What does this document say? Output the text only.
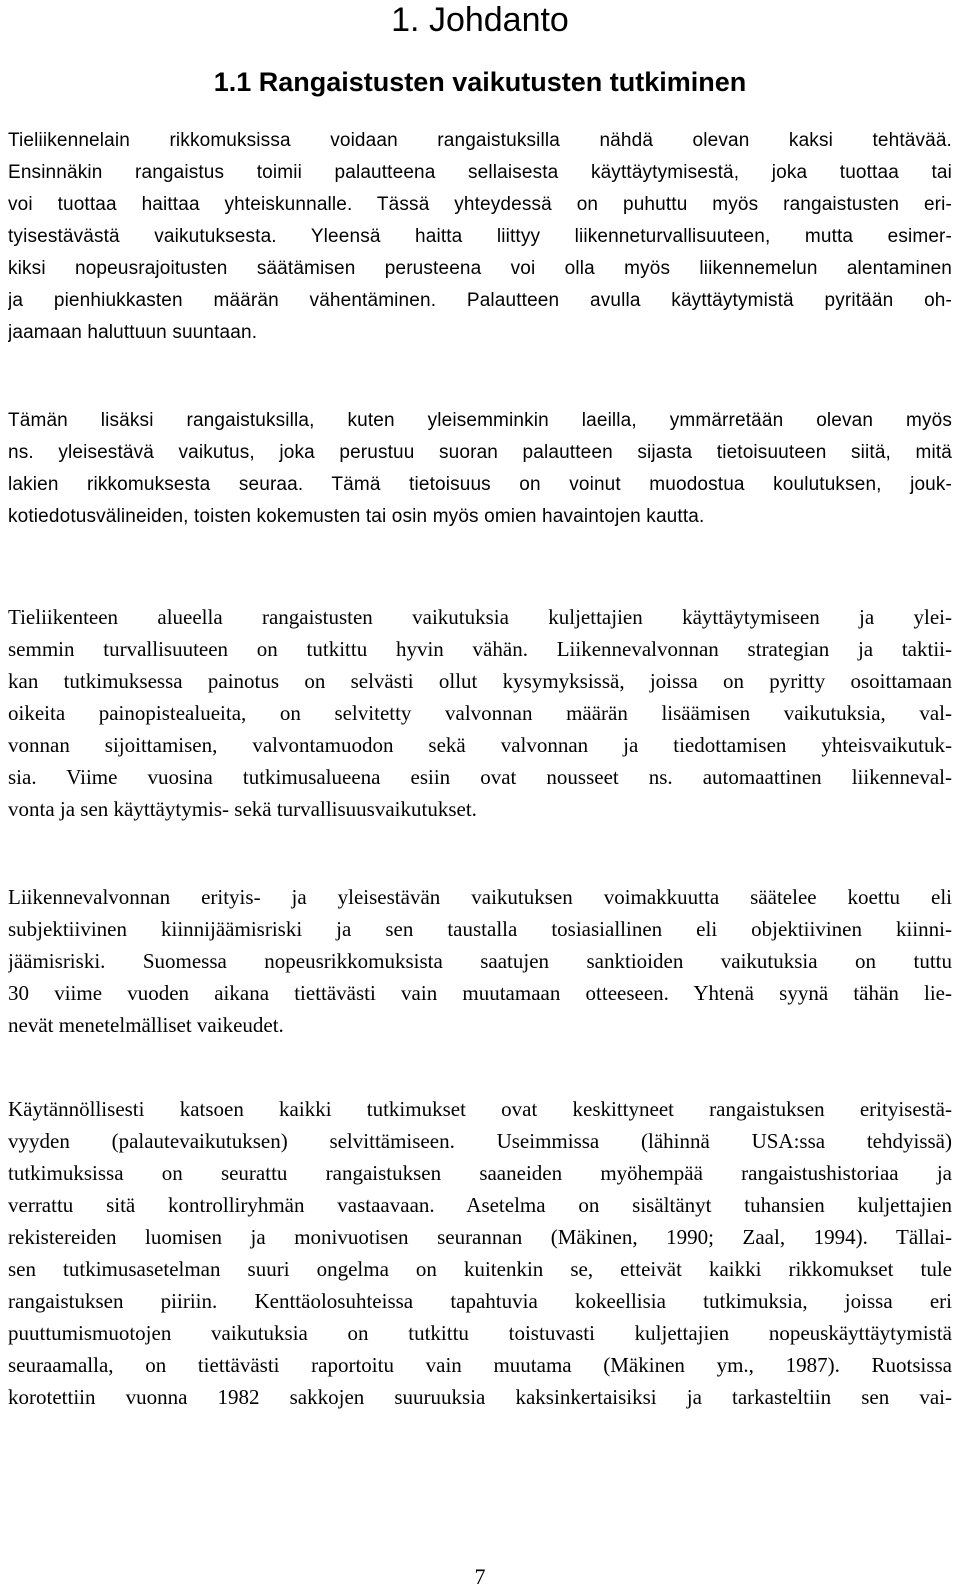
1. Johdanto
1.1 Rangaistusten vaikutusten tutkiminen
Tieliikennelain rikkomuksissa voidaan rangaistuksilla nähdä olevan kaksi tehtävää.
Ensinnäkin rangaistus toimii palautteena sellaisesta käyttäytymisestä, joka tuottaa tai
voi tuottaa haittaa yhteiskunnalle. Tässä yhteydessä on puhuttu myös rangaistusten eri-
tyisestävästä vaikutuksesta. Yleensä haitta liittyy liikenneturvallisuuteen, mutta esimer-
kiksi nopeusrajoitusten säätämisen perusteena voi olla myös liikennemelun alentaminen
ja pienhiukkasten määrän vähentäminen. Palautteen avulla käyttäytymistä pyritään oh-
jaamaan haluttuun suuntaan.
Tämän lisäksi rangaistuksilla, kuten yleisemminkin laeilla, ymmärretään olevan myös
ns. yleisestävä vaikutus, joka perustuu suoran palautteen sijasta tietoisuuteen siitä, mitä
lakien rikkomuksesta seuraa. Tämä tietoisuus on voinut muodostua koulutuksen, jouk-
kotiedotusvälineiden, toisten kokemusten tai osin myös omien havaintojen kautta.
Tieliikenteen alueella rangaistusten vaikutuksia kuljettajien käyttäytymiseen ja ylei-
semmin turvallisuuteen on tutkittu hyvin vähän. Liikennevalvonnan strategian ja taktii-
kan tutkimuksessa painotus on selvästi ollut kysymyksissä, joissa on pyritty osoittamaan
oikeita painopistealueita, on selvitetty valvonnan määrän lisäämisen vaikutuksia, val-
vonnan sijoittamisen, valvontamuodon sekä valvonnan ja tiedottamisen yhteisvaikutuk-
sia. Viime vuosina tutkimusalueena esiin ovat nousseet ns. automaattinen liikenneval-
vonta ja sen käyttäytymis- sekä turvallisuusvaikutukset.
Liikennevalvonnan erityis- ja yleisestävän vaikutuksen voimakkuutta säätelee koettu eli
subjektiivinen kiinnijäämisriski ja sen taustalla tosiasiallinen eli objektiivinen kiinni-
jäämisriski. Suomessa nopeusrikkomuksista saatujen sanktioiden vaikutuksia on tuttu
30 viime vuoden aikana tiettävästi vain muutamaan otteeseen. Yhtenä syynä tähän lie-
nevät menetelmälliset vaikeudet.
Käytännöllisesti katsoen kaikki tutkimukset ovat keskittyneet rangaistuksen erityisestä-
vyyden (palautevaikutuksen) selvittämiseen. Useimmissa (lähinnä USA:ssa tehdyissä)
tutkimuksissa on seurattu rangaistuksen saaneiden myöhempää rangaistushistoriaa ja
verrattu sitä kontrolliryhmän vastaavaan. Asetelma on sisältänyt tuhansien kuljettajien
rekistereiden luomisen ja monivuotisen seurannan (Mäkinen, 1990; Zaal, 1994). Tällai-
sen tutkimusasetelman suuri ongelma on kuitenkin se, etteivät kaikki rikkomukset tule
rangaistuksen piiriin. Kenttäolosuhteissa tapahtuvia kokeellisia tutkimuksia, joissa eri
puuttumismuotojen vaikutuksia on tutkittu toistuvasti kuljettajien nopeuskäyttäytymistä
seuraamalla, on tiettävästi raportoitu vain muutama (Mäkinen ym., 1987). Ruotsissa
korotettiin vuonna 1982 sakkojen suuruuksia kaksinkertaisiksi ja tarkasteltiin sen vai-
7
